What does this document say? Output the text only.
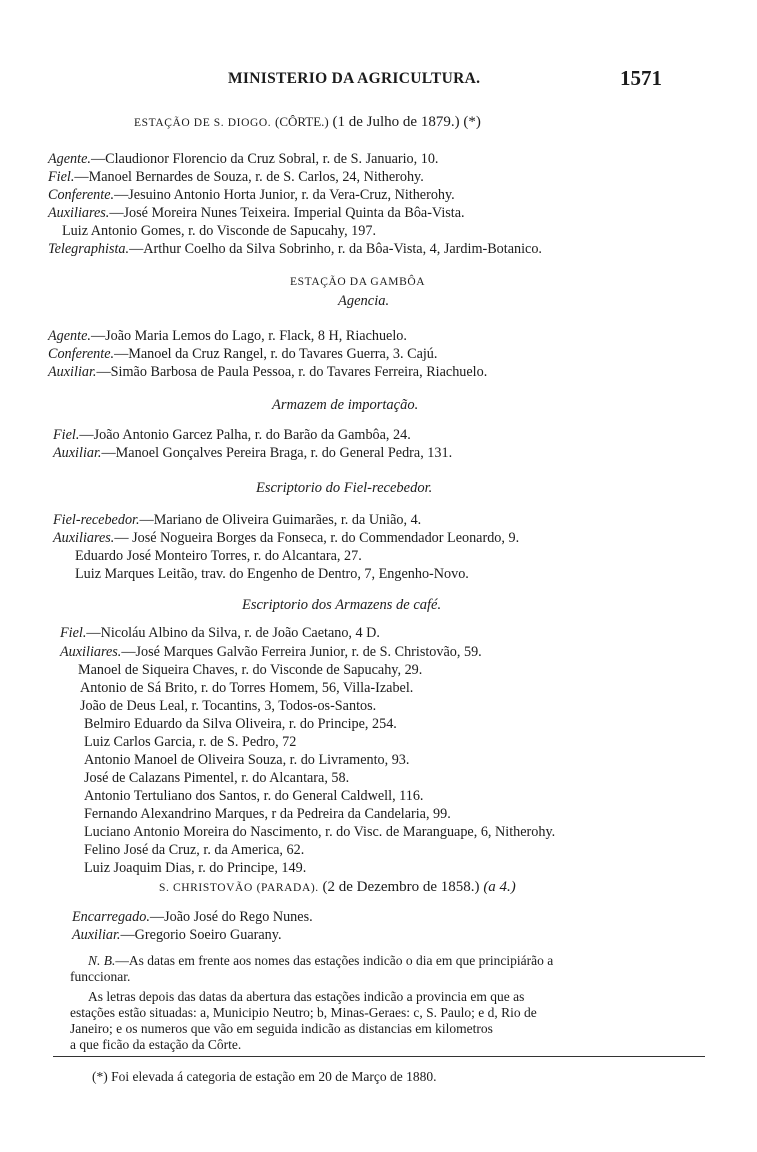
MINISTERIO DA AGRICULTURA.	1571
ESTAÇÃO DE S. DIOGO. (CÔRTE.) (1 de Julho de 1879.) (*)
Agente.—Claudionor Florencio da Cruz Sobral, r. de S. Januario, 10.
Fiel.—Manoel Bernardes de Souza, r. de S. Carlos, 24, Nitherohy.
Conferente.—Jesuino Antonio Horta Junior, r. da Vera-Cruz, Nitherohy.
Auxiliares.—José Moreira Nunes Teixeira. Imperial Quinta da Bôa-Vista.
Luiz Antonio Gomes, r. do Visconde de Sapucahy, 197.
Telegraphista.—Arthur Coelho da Silva Sobrinho, r. da Bôa-Vista, 4, Jardim-Botanico.
ESTAÇÃO DA GAMBÔA
Agencia.
Agente.—João Maria Lemos do Lago, r. Flack, 8 H, Riachuelo.
Conferente.—Manoel da Cruz Rangel, r. do Tavares Guerra, 3. Cajú.
Auxiliar.—Simão Barbosa de Paula Pessoa, r. do Tavares Ferreira, Riachuelo.
Armazem de importação.
Fiel.—João Antonio Garcez Palha, r. do Barão da Gambôa, 24.
Auxiliar.—Manoel Gonçalves Pereira Braga, r. do General Pedra, 131.
Escriptorio do Fiel-recebedor.
Fiel-recebedor.—Mariano de Oliveira Guimarães, r. da União, 4.
Auxiliares.— José Nogueira Borges da Fonseca, r. do Commendador Leonardo, 9.
Eduardo José Monteiro Torres, r. do Alcantara, 27.
Luiz Marques Leitão, trav. do Engenho de Dentro, 7, Engenho-Novo.
Escriptorio dos Armazens de café.
Fiel.—Nicoláu Albino da Silva, r. de João Caetano, 4 D.
Auxiliares.—José Marques Galvão Ferreira Junior, r. de S. Christovão, 59.
Manoel de Siqueira Chaves, r. do Visconde de Sapucahy, 29.
Antonio de Sá Brito, r. do Torres Homem, 56, Villa-Izabel.
João de Deus Leal, r. Tocantins, 3, Todos-os-Santos.
Belmiro Eduardo da Silva Oliveira, r. do Principe, 254.
Luiz Carlos Garcia, r. de S. Pedro, 72
Antonio Manoel de Oliveira Souza, r. do Livramento, 93.
José de Calazans Pimentel, r. do Alcantara, 58.
Antonio Tertuliano dos Santos, r. do General Caldwell, 116.
Fernando Alexandrino Marques, r da Pedreira da Candelaria, 99.
Luciano Antonio Moreira do Nascimento, r. do Visc. de Maranguape, 6, Nitherohy.
Felino José da Cruz, r. da America, 62.
Luiz Joaquim Dias, r. do Principe, 149.
S. CHRISTOVÃO (PARADA). (2 de Dezembro de 1858.) (a 4.)
Encarregado.—João José do Rego Nunes.
Auxiliar.—Gregorio Soeiro Guarany.
N. B.—As datas em frente aos nomes das estações indicão o dia em que principiárão a
funccionar.
As letras depois das datas da abertura das estações indicão a provincia em que as
estações estão situadas: a, Municipio Neutro; b, Minas-Geraes: c, S. Paulo; e d, Rio de
Janeiro; e os numeros que vão em seguida indicão as distancias em kilometros
a que ficão da estação da Côrte.
(*) Foi elevada á categoria de estação em 20 de Março de 1880.
